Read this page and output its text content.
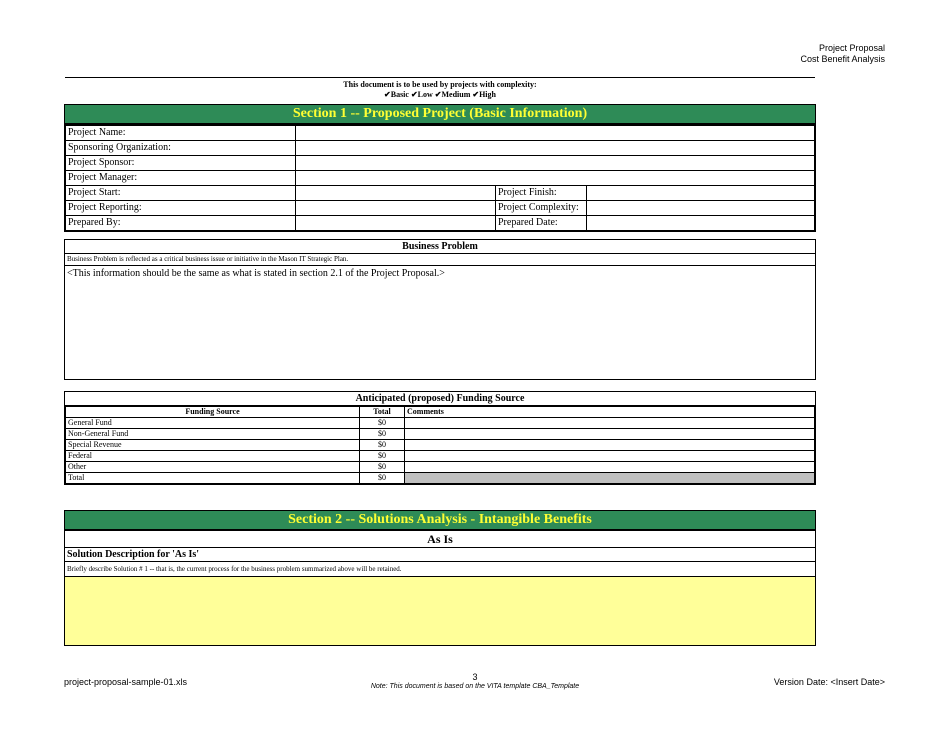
Project Proposal
Cost Benefit Analysis
This document is to be used by projects with complexity:
✔Basic ✔Low ✔Medium ✔High
Section 1 -- Proposed Project (Basic Information)
Project Name:			
Sponsoring Organization:			
Project Sponsor:			
Project Manager:			
Project Start:		Project Finish:	
Project Reporting:		Project Complexity:	
Prepared By:		Prepared Date:	
Business Problem
Business Problem is reflected as a critical business issue or initiative in the Mason IT Strategic Plan.
<This information should be the same as what is stated in section 2.1 of the Project Proposal.>
Anticipated (proposed) Funding Source
Funding Source	Total	Comments
General Fund	$0	
Non-General Fund	$0	
Special Revenue	$0	
Federal	$0	
Other	$0	
Total	$0	
Section 2 -- Solutions Analysis - Intangible Benefits
As Is
Solution Description for 'As Is'
Briefly describe Solution # 1 -- that is, the current process for the business problem summarized above will be retained.
project-proposal-sample-01.xls	3
Note: This document is based on the VITA template CBA_Template	Version Date: <Insert Date>
